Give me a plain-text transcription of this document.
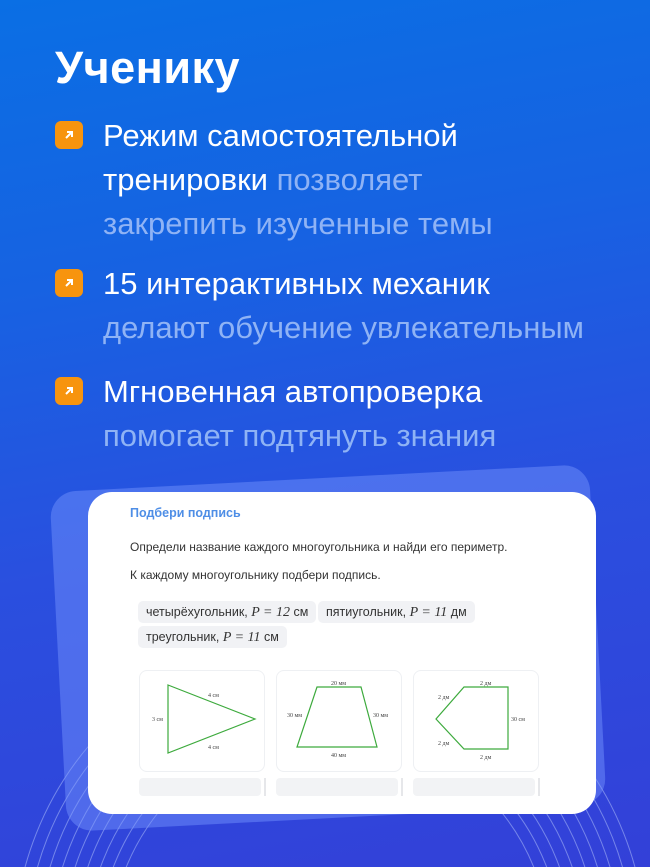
Ученику
Режим самостоятельной
тренировки позволяет
закрепить изученные темы
15 интерактивных механик
делают обучение увлекательным
Мгновенная автопроверка
помогает подтянуть знания
Подбери подпись
Определи название каждого многоугольника и найди его периметр.
К каждому многоугольнику подбери подпись.
четырёхугольник, P = 12 см	пятиугольник, P = 11 дм
треугольник, P = 11 см
3 см
4 см
4 см
20 мм
30 мм	30 мм
40 мм
2 дм
2 дм
30 см
2 дм
2 дм
